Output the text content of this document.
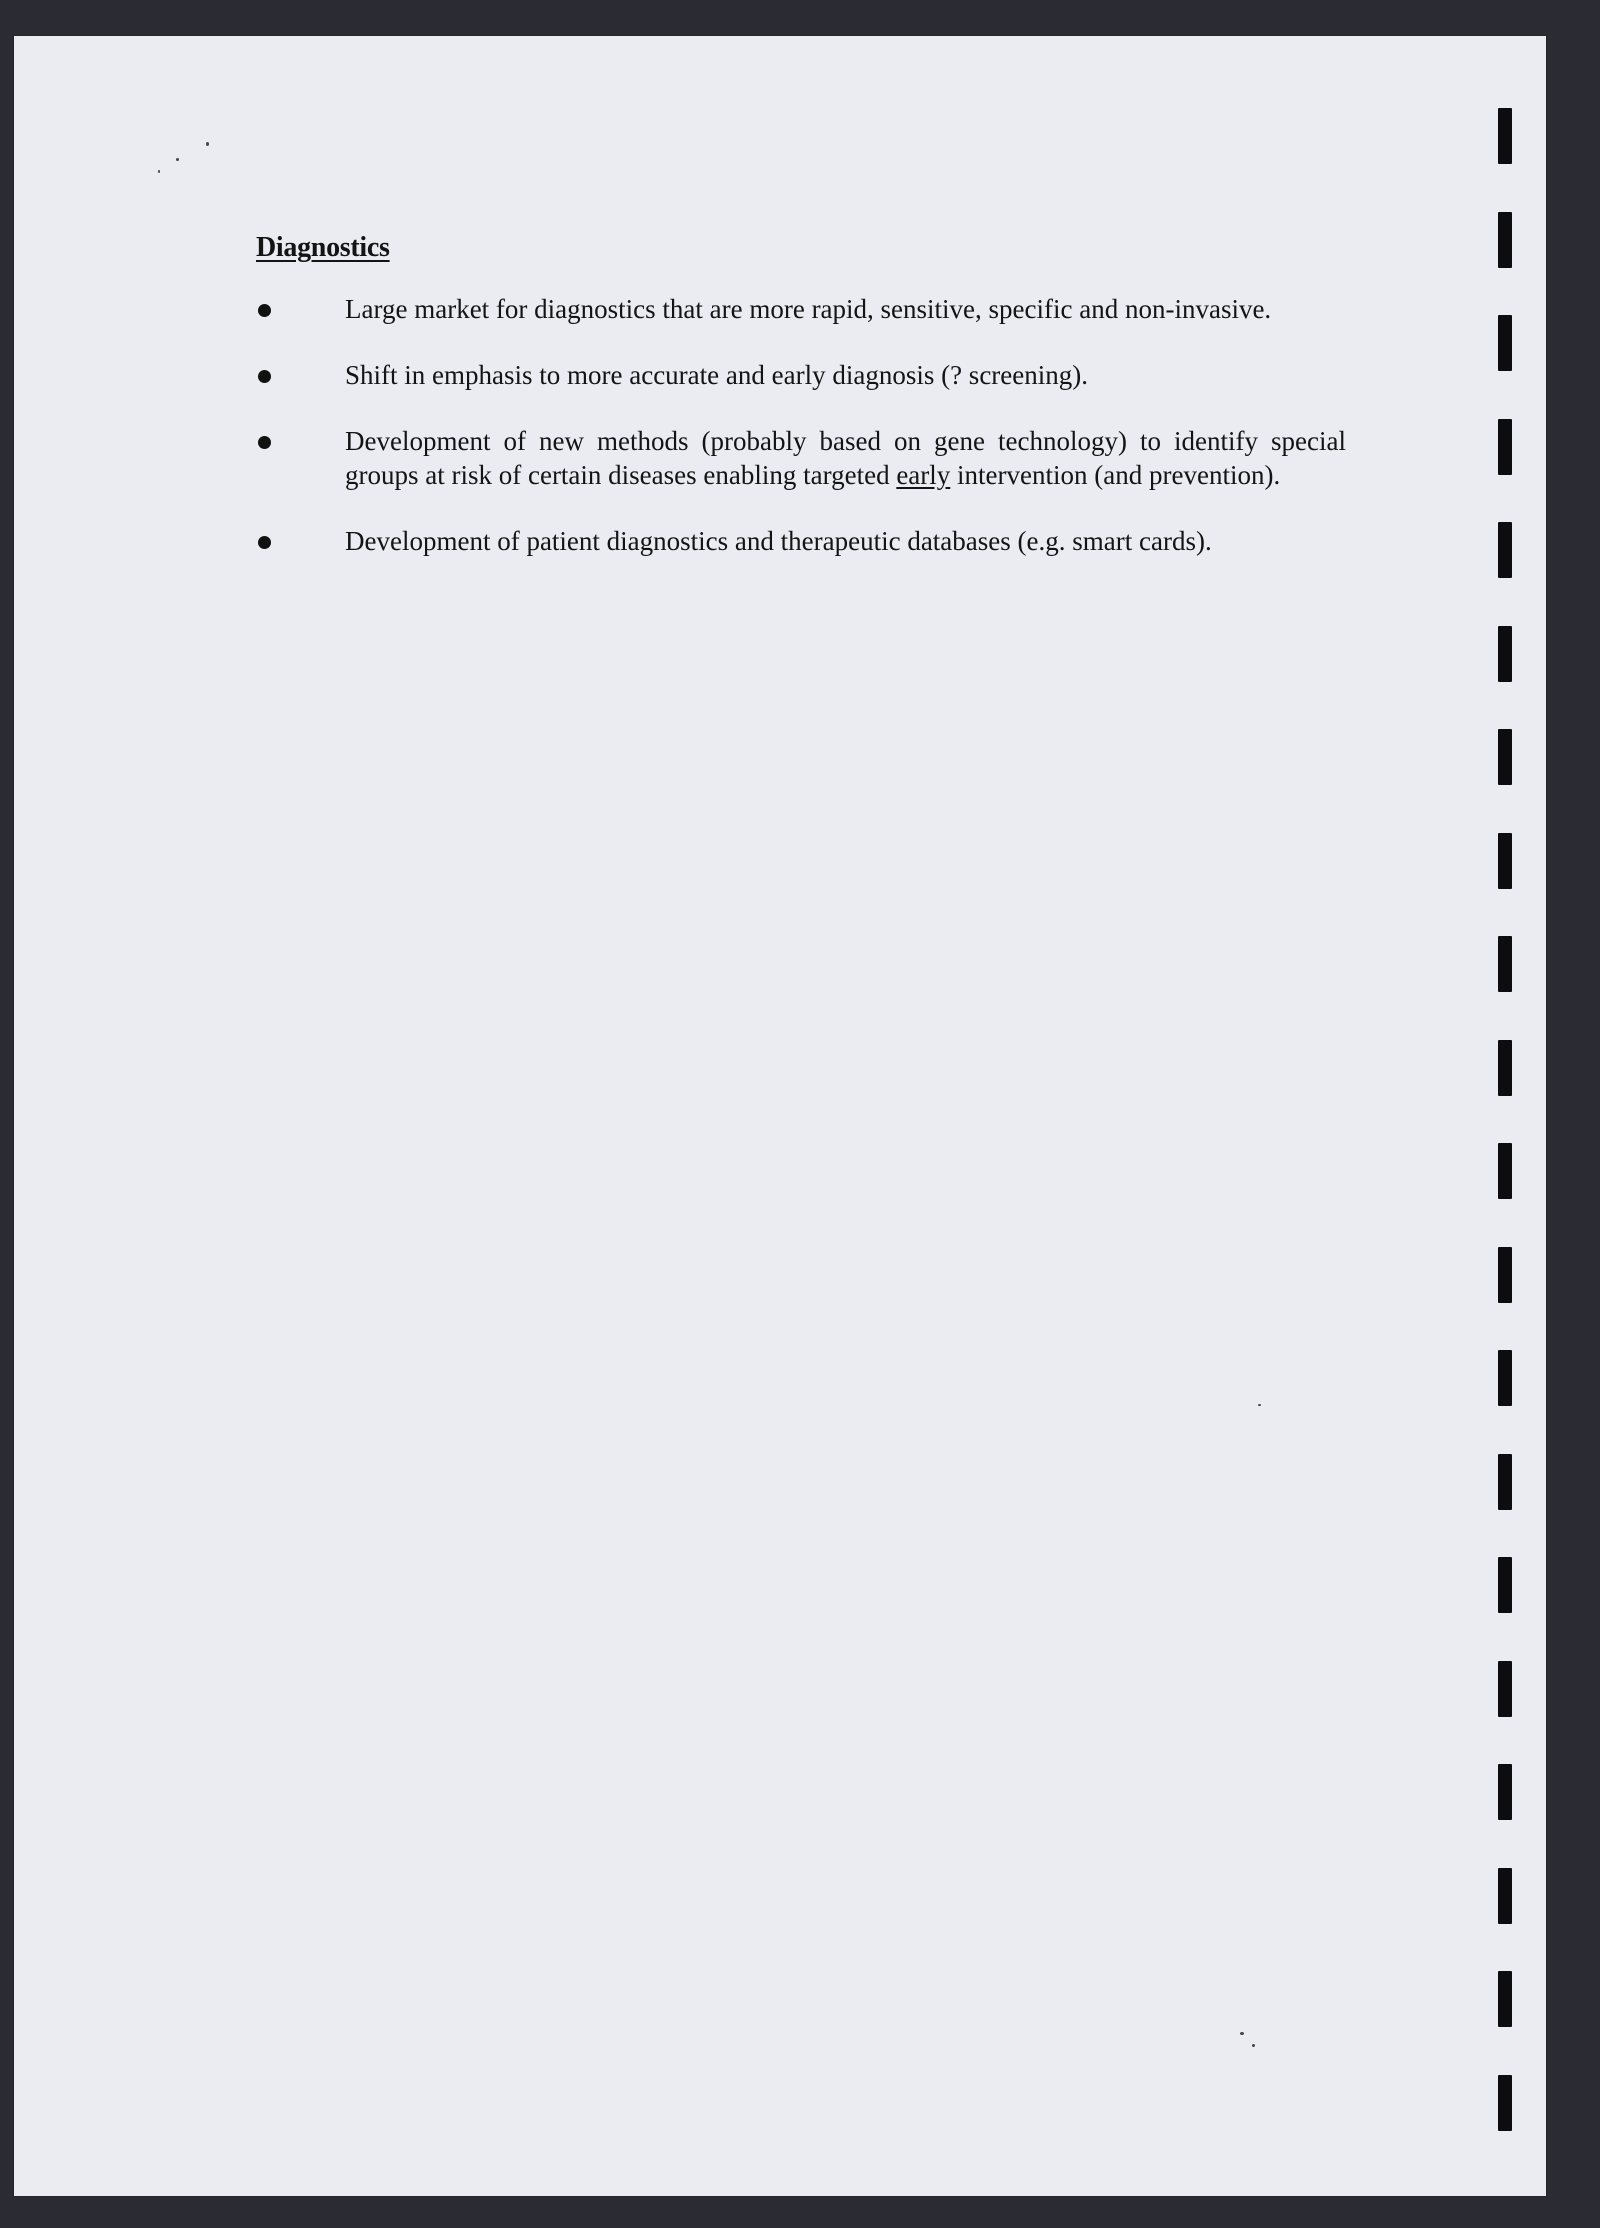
Diagnostics
Large market for diagnostics that are more rapid, sensitive, specific and non-invasive.
Shift in emphasis to more accurate and early diagnosis (? screening).
Development of new methods (probably based on gene technology) to identify special groups at risk of certain diseases enabling targeted early intervention (and prevention).
Development of patient diagnostics and therapeutic databases (e.g. smart cards).
